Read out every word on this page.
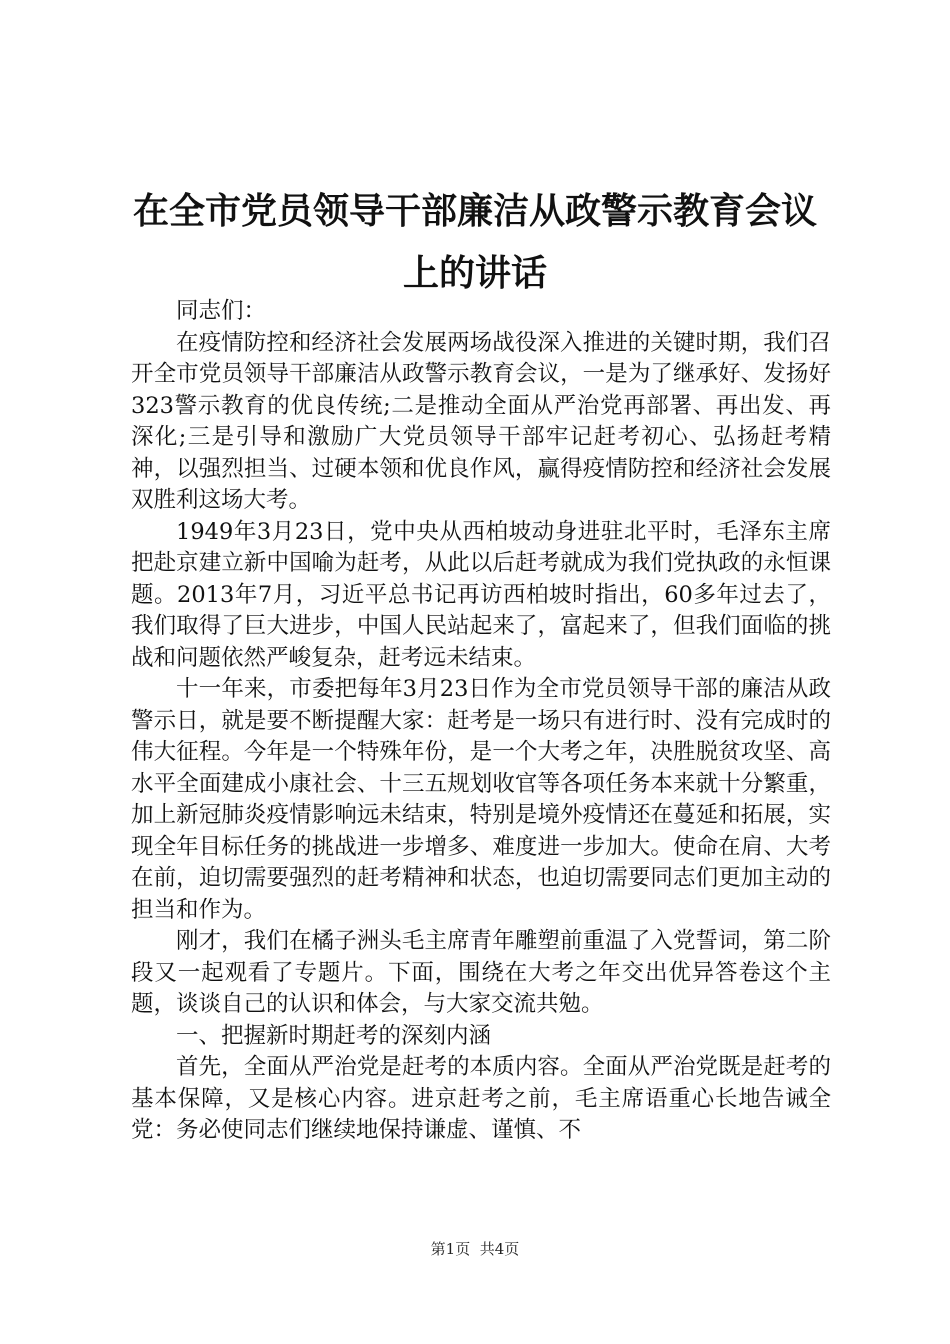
在全市党员领导干部廉洁从政警示教育会议上的讲话

同志们：

在疫情防控和经济社会发展两场战役深入推进的关键时期，我们召开全市党员领导干部廉洁从政警示教育会议，一是为了继承好、发扬好323警示教育的优良传统;二是推动全面从严治党再部署、再出发、再深化;三是引导和激励广大党员领导干部牢记赶考初心、弘扬赶考精神，以强烈担当、过硬本领和优良作风，赢得疫情防控和经济社会发展双胜利这场大考。

1949年3月23日，党中央从西柏坡动身进驻北平时，毛泽东主席把赴京建立新中国喻为赶考，从此以后赶考就成为我们党执政的永恒课题。2013年7月，习近平总书记再访西柏坡时指出，60多年过去了，我们取得了巨大进步，中国人民站起来了，富起来了，但我们面临的挑战和问题依然严峻复杂，赶考远未结束。

十一年来，市委把每年3月23日作为全市党员领导干部的廉洁从政警示日，就是要不断提醒大家：赶考是一场只有进行时、没有完成时的伟大征程。今年是一个特殊年份，是一个大考之年，决胜脱贫攻坚、高水平全面建成小康社会、十三五规划收官等各项任务本来就十分繁重，加上新冠肺炎疫情影响远未结束，特别是境外疫情还在蔓延和拓展，实现全年目标任务的挑战进一步增多、难度进一步加大。使命在肩、大考在前，迫切需要强烈的赶考精神和状态，也迫切需要同志们更加主动的担当和作为。

刚才，我们在橘子洲头毛主席青年雕塑前重温了入党誓词，第二阶段又一起观看了专题片。下面，围绕在大考之年交出优异答卷这个主题，谈谈自己的认识和体会，与大家交流共勉。

一、把握新时期赶考的深刻内涵

首先，全面从严治党是赶考的本质内容。全面从严治党既是赶考的基本保障，又是核心内容。进京赶考之前，毛主席语重心长地告诫全党：务必使同志们继续地保持谦虚、谨慎、不

第1页 共4页
